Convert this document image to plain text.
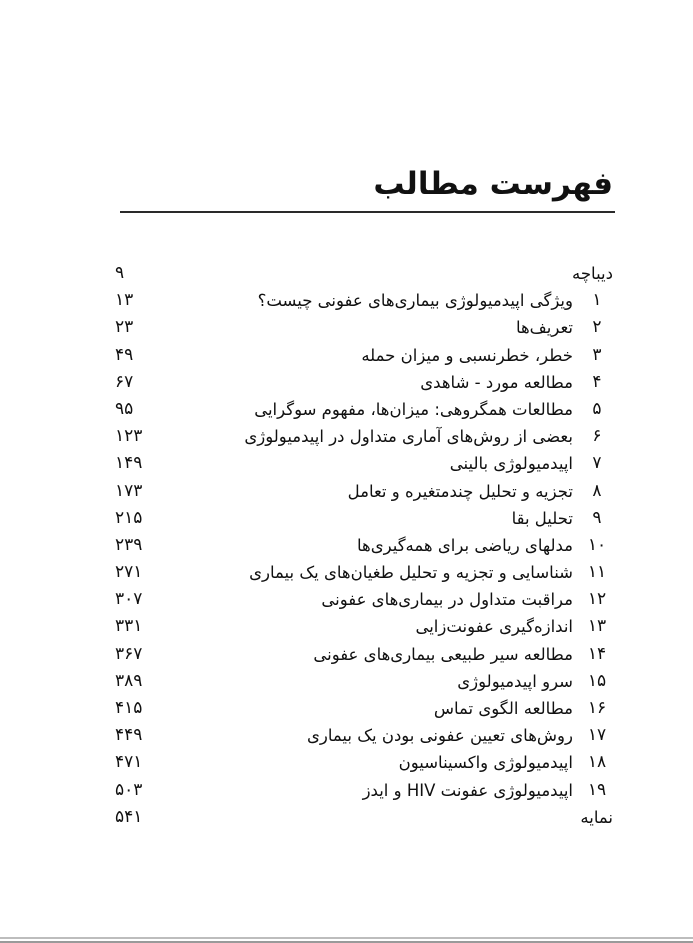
فهرست مطالب
دیباچه
۹
۱
ویژگی اپیدمیولوژی بیماری‌های عفونی چیست؟
۱۳
۲
تعریف‌ها
۲۳
۳
خطر، خطرنسبی و میزان حمله
۴۹
۴
مطالعه مورد - شاهدی
۶۷
۵
مطالعات همگروهی: میزان‌ها، مفهوم سوگرایی
۹۵
۶
بعضی از روش‌های آماری متداول در اپیدمیولوژی
۱۲۳
۷
اپیدمیولوژی بالینی
۱۴۹
۸
تجزیه و تحلیل چندمتغیره و تعامل
۱۷۳
۹
تحلیل بقا
۲۱۵
۱۰
مدلهای ریاضی برای همه‌گیری‌ها
۲۳۹
۱۱
شناسایی و تجزیه و تحلیل طغیان‌های یک بیماری
۲۷۱
۱۲
مراقبت متداول در بیماری‌های عفونی
۳۰۷
۱۳
اندازه‌گیری عفونت‌زایی
۳۳۱
۱۴
مطالعه سیر طبیعی بیماری‌های عفونی
۳۶۷
۱۵
سرو اپیدمیولوژی
۳۸۹
۱۶
مطالعه الگوی تماس
۴۱۵
۱۷
روش‌های تعیین عفونی بودن یک بیماری
۴۴۹
۱۸
اپیدمیولوژی واکسیناسیون
۴۷۱
۱۹
اپیدمیولوژی عفونت HIV و ایدز
۵۰۳
نمایه
۵۴۱
